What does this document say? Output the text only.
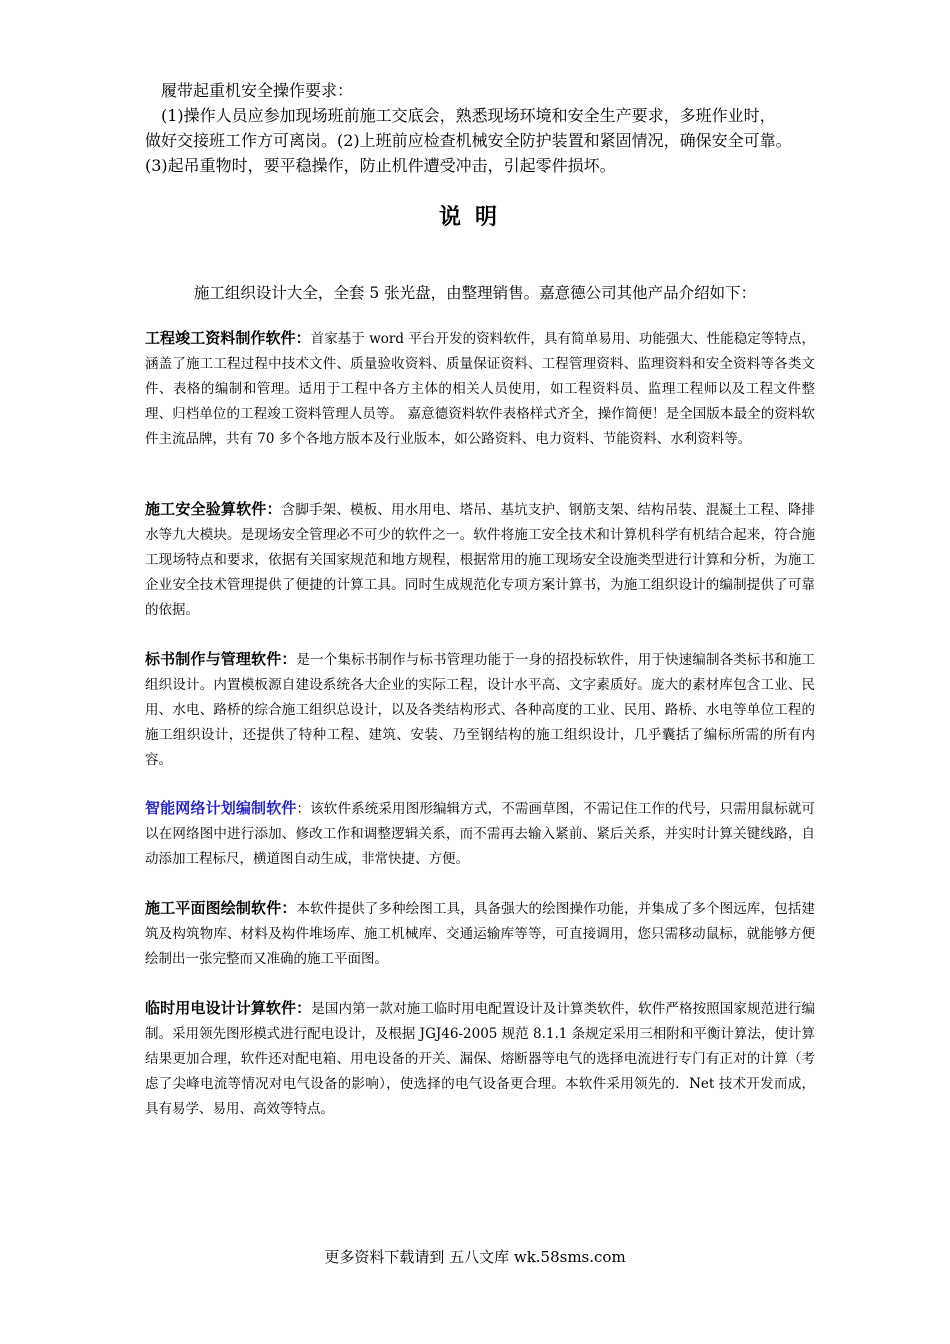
履带起重机安全操作要求：

(1)操作人员应参加现场班前施工交底会，熟悉现场环境和安全生产要求，多班作业时，

做好交接班工作方可离岗。(2)上班前应检查机械安全防护装置和紧固情况，确保安全可靠。

(3)起吊重物时，要平稳操作，防止机件遭受冲击，引起零件损坏。

说明
施工组织设计大全，全套 5 张光盘，由整理销售。嘉意德公司其他产品介绍如下：
工程竣工资料制作软件：首家基于 word 平台开发的资料软件，具有简单易用、功能强大、性能稳定等特点，涵盖了施工工程过程中技术文件、质量验收资料、质量保证资料、工程管理资料、监理资料和安全资料等各类文件、表格的编制和管理。适用于工程中各方主体的相关人员使用，如工程资料员、监理工程师以及工程文件整理、归档单位的工程竣工资料管理人员等。 嘉意德资料软件表格样式齐全，操作简便！是全国版本最全的资料软件主流品牌，共有 70 多个各地方版本及行业版本，如公路资料、电力资料、节能资料、水利资料等。
施工安全验算软件：含脚手架、模板、用水用电、塔吊、基坑支护、钢筋支架、结构吊装、混凝土工程、降排水等九大模块。是现场安全管理必不可少的软件之一。软件将施工安全技术和计算机科学有机结合起来，符合施工现场特点和要求，依据有关国家规范和地方规程，根据常用的施工现场安全设施类型进行计算和分析，为施工企业安全技术管理提供了便捷的计算工具。同时生成规范化专项方案计算书，为施工组织设计的编制提供了可靠的依据。
标书制作与管理软件：是一个集标书制作与标书管理功能于一身的招投标软件，用于快速编制各类标书和施工组织设计。内置模板源自建设系统各大企业的实际工程，设计水平高、文字素质好。庞大的素材库包含工业、民用、水电、路桥的综合施工组织总设计，以及各类结构形式、各种高度的工业、民用、路桥、水电等单位工程的施工组织设计，还提供了特种工程、建筑、安装、乃至钢结构的施工组织设计，几乎囊括了编标所需的所有内容。
智能网络计划编制软件：该软件系统采用图形编辑方式，不需画草图，不需记住工作的代号，只需用鼠标就可以在网络图中进行添加、修改工作和调整逻辑关系，而不需再去输入紧前、紧后关系，并实时计算关键线路，自动添加工程标尺，横道图自动生成，非常快捷、方便。
施工平面图绘制软件：本软件提供了多种绘图工具，具备强大的绘图操作功能，并集成了多个图远库，包括建筑及构筑物库、材料及构件堆场库、施工机械库、交通运输库等等，可直接调用，您只需移动鼠标，就能够方便绘制出一张完整而又准确的施工平面图。
临时用电设计计算软件：是国内第一款对施工临时用电配置设计及计算类软件，软件严格按照国家规范进行编制。采用领先图形模式进行配电设计，及根据 JGJ46-2005 规范 8.1.1 条规定采用三相附和平衡计算法，使计算结果更加合理，软件还对配电箱、用电设备的开关、漏保、熔断器等电气的选择电流进行专门有正对的计算（考虑了尖峰电流等情况对电气设备的影响），使选择的电气设备更合理。本软件采用领先的．Net 技术开发而成，具有易学、易用、高效等特点。
更多资料下载请到 五八文库 wk.58sms.com
